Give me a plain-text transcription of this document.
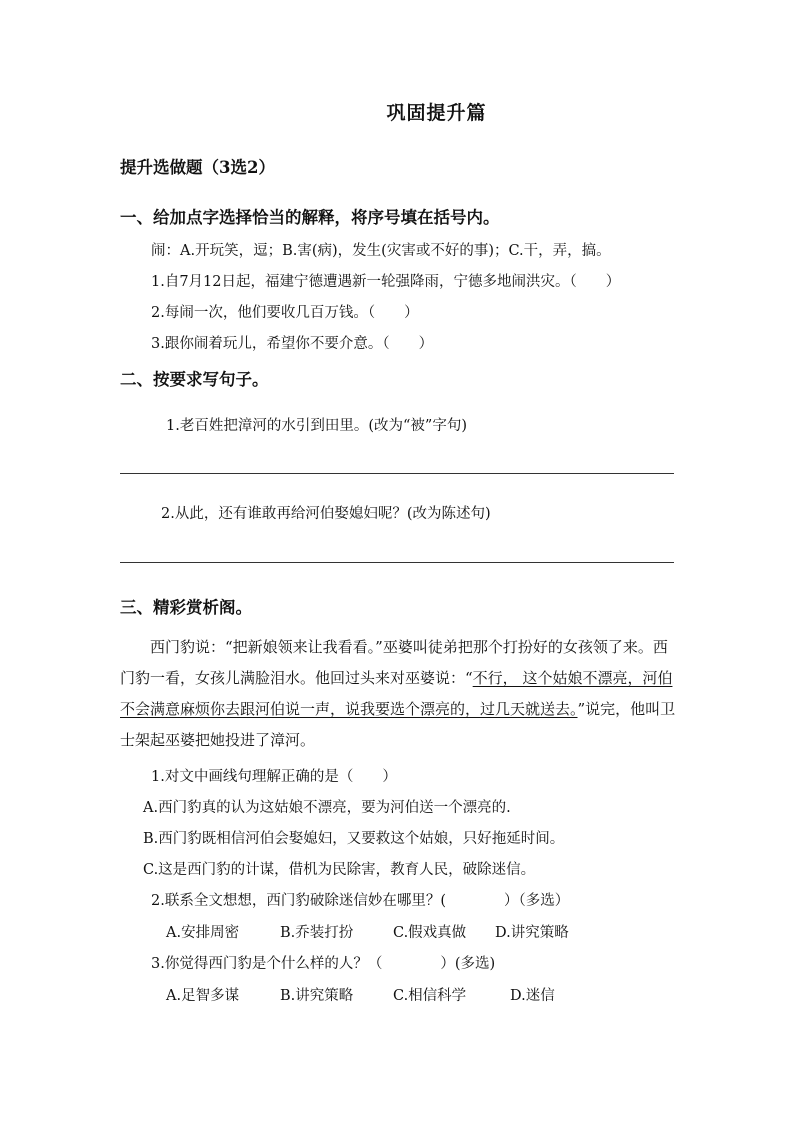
巩固提升篇
提升选做题（3选2）
一、给加点字选择恰当的解释，将序号填在括号内。
闹：A.开玩笑，逗；B.害(病)，发生(灾害或不好的事)；C.干，弄，搞。
1.自7月12日起，福建宁德遭遇新一轮强降雨，宁德多地闹洪灾。（　　）
2.每闹一次，他们要收几百万钱。（　　）
3.跟你闹着玩儿，希望你不要介意。（　　）
二、按要求写句子。
1.老百姓把漳河的水引到田里。(改为“被”字句)
2.从此，还有谁敢再给河伯娶媳妇呢？(改为陈述句)
三、精彩赏析阁。
西门豹说：“把新娘领来让我看看。”巫婆叫徒弟把那个打扮好的女孩领了来。西门豹一看，女孩儿满脸泪水。他回过头来对巫婆说：“不行， 这个姑娘不漂亮，河伯不会满意麻烦你去跟河伯说一声，说我要选个漂亮的，过几天就送去。”说完，他叫卫士架起巫婆把她投进了漳河。
1.对文中画线句理解正确的是（　　）
A.西门豹真的认为这姑娘不漂亮，要为河伯送一个漂亮的.
B.西门豹既相信河伯会娶媳妇，又要救这个姑娘，只好拖延时间。
C.这是西门豹的计谋，借机为民除害，教育人民，破除迷信。
2.联系全文想想，西门豹破除迷信妙在哪里？(　　　　）（多选）
A.安排周密	B.乔装打扮	C.假戏真做 D.讲究策略
3.你觉得西门豹是个什么样的人？（　　　　）(多选)
A.足智多谋	B.讲究策略	C.相信科学	D.迷信
